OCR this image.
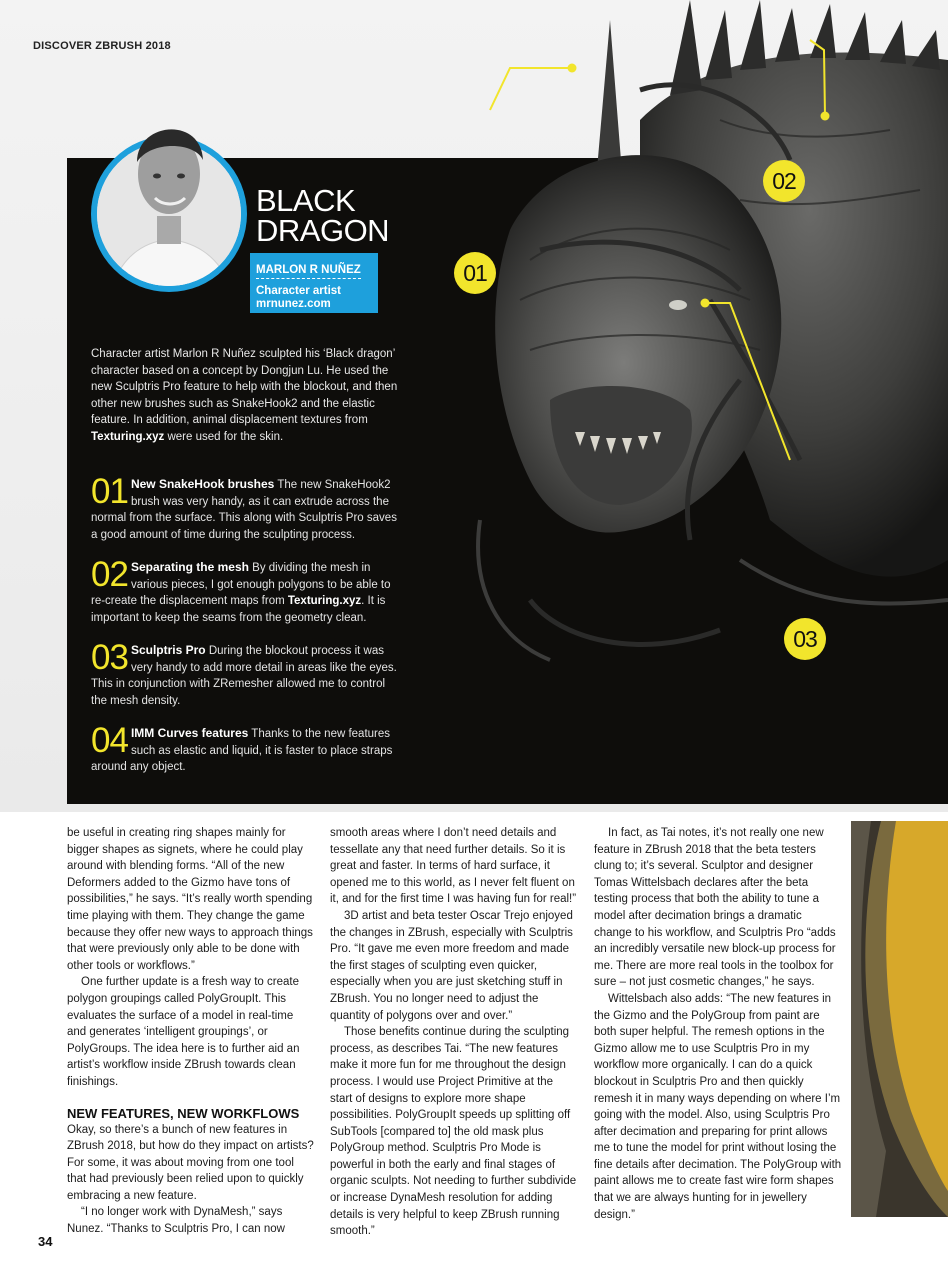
DISCOVER ZBRUSH 2018
01
02
03
BLACK
DRAGON
MARLON R NUÑEZ
Character artist
mrnunez.com
Character artist Marlon R Nuñez sculpted his ‘Black dragon’ character based on a concept by Dongjun Lu. He used the new Sculptris Pro feature to help with the blockout, and then other new brushes such as SnakeHook2 and the elastic feature. In addition, animal displacement textures from Texturing.xyz were used for the skin.
01 New SnakeHook brushes The new SnakeHook2 brush was very handy, as it can extrude across the normal from the surface. This along with Sculptris Pro saves a good amount of time during the sculpting process.
02 Separating the mesh By dividing the mesh in various pieces, I got enough polygons to be able to re-create the displacement maps from Texturing.xyz. It is important to keep the seams from the geometry clean.
03 Sculptris Pro During the blockout process it was very handy to add more detail in areas like the eyes. This in conjunction with ZRemesher allowed me to control the mesh density.
04 IMM Curves features Thanks to the new features such as elastic and liquid, it is faster to place straps around any object.

be useful in creating ring shapes mainly for bigger shapes as signets, where he could play around with blending forms. “All of the new Deformers added to the Gizmo have tons of possibilities,” he says. “It’s really worth spending time playing with them. They change the game because they offer new ways to approach things that were previously only able to be done with other tools or workflows.”

One further update is a fresh way to create polygon groupings called PolyGroupIt. This evaluates the surface of a model in real-time and generates ‘intelligent groupings’, or PolyGroups. The idea here is to further aid an artist’s workflow inside ZBrush towards clean finishings.

NEW FEATURES, NEW WORKFLOWS

Okay, so there’s a bunch of new features in ZBrush 2018, but how do they impact on artists? For some, it was about moving from one tool that had previously been relied upon to quickly embracing a new feature.

“I no longer work with DynaMesh,” says Nunez. “Thanks to Sculptris Pro, I can now

smooth areas where I don’t need details and tessellate any that need further details. So it is great and faster. In terms of hard surface, it opened me to this world, as I never felt fluent on it, and for the first time I was having fun for real!”

3D artist and beta tester Oscar Trejo enjoyed the changes in ZBrush, especially with Sculptris Pro. “It gave me even more freedom and made the first stages of sculpting even quicker, especially when you are just sketching stuff in ZBrush. You no longer need to adjust the quantity of polygons over and over.”

Those benefits continue during the sculpting process, as describes Tai. “The new features make it more fun for me throughout the design process. I would use Project Primitive at the start of designs to explore more shape possibilities. PolyGroupIt speeds up splitting off SubTools [compared to] the old mask plus PolyGroup method. Sculptris Pro Mode is powerful in both the early and final stages of organic sculpts. Not needing to further subdivide or increase DynaMesh resolution for adding details is very helpful to keep ZBrush running smooth.”

In fact, as Tai notes, it’s not really one new feature in ZBrush 2018 that the beta testers clung to; it’s several. Sculptor and designer Tomas Wittelsbach declares after the beta testing process that both the ability to tune a model after decimation brings a dramatic change to his workflow, and Sculptris Pro “adds an incredibly versatile new block-up process for me. There are more real tools in the toolbox for sure – not just cosmetic changes,” he says.

Wittelsbach also adds: “The new features in the Gizmo and the PolyGroup from paint are both super helpful. The remesh options in the Gizmo allow me to use Sculptris Pro in my workflow more organically. I can do a quick blockout in Sculptris Pro and then quickly remesh it in many ways depending on where I’m going with the model. Also, using Sculptris Pro after decimation and preparing for print allows me to tune the model for print without losing the fine details after decimation. The PolyGroup with paint allows me to create fast wire form shapes that we are always hunting for in jewellery design.”

34
